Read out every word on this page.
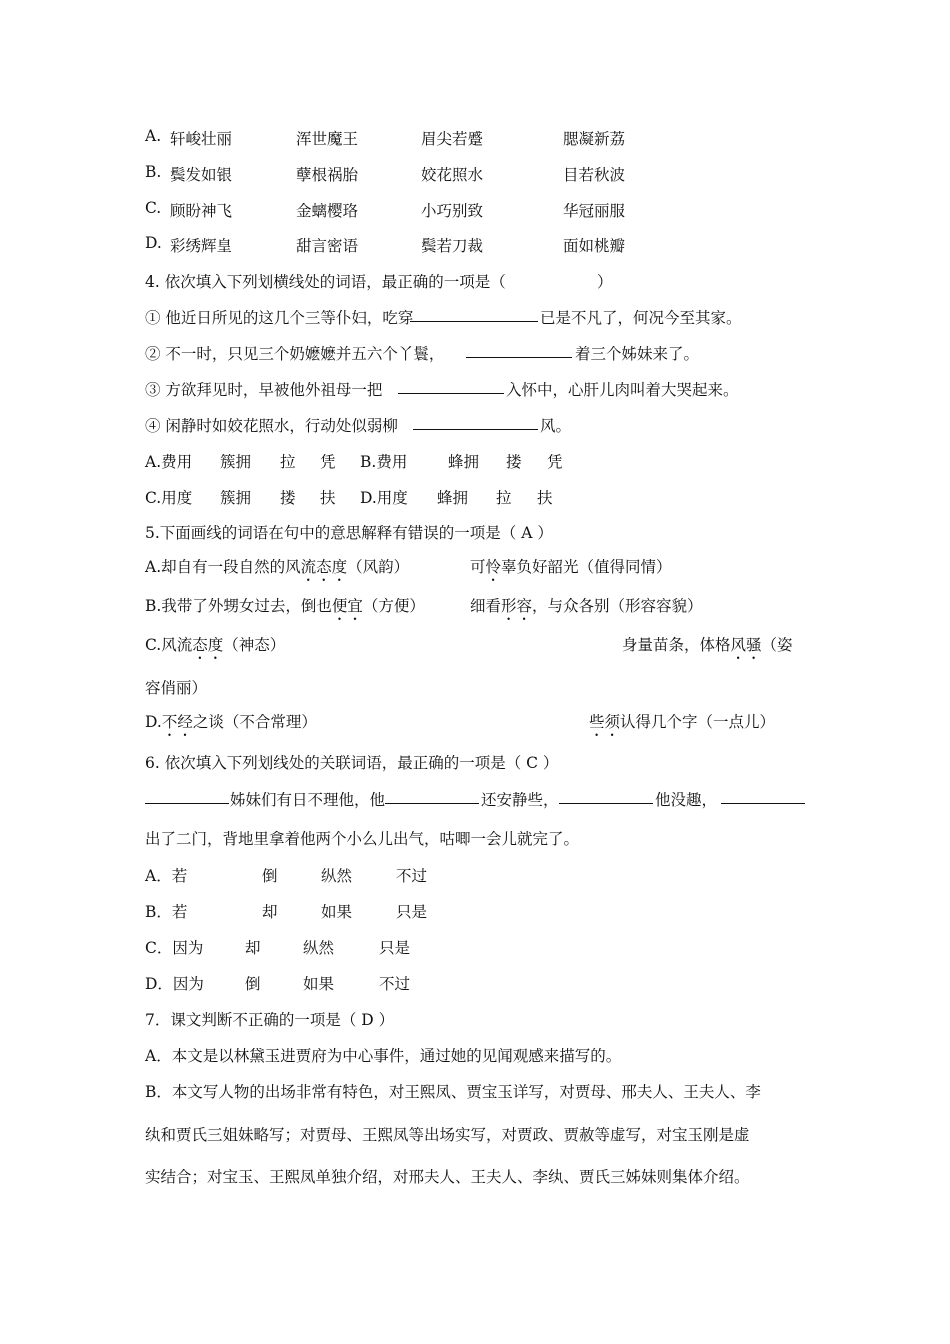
A. 轩峻壮丽	浑世魔王	眉尖若蹙	腮凝新荔
B. 鬓发如银	孽根祸胎	姣花照水	目若秋波
C. 顾盼神飞	金螭樱珞	小巧别致	华冠丽服
D. 彩绣辉皇	甜言密语	鬓若刀裁	面如桃瓣
4. 依次填入下列划横线处的词语，最正确的一项是（	）
① 他近日所见的这几个三等仆妇，吃穿	已是不凡了，何况今至其家。
② 不一时，只见三个奶嬷嬷并五六个丫鬟，	着三个姊妹来了。
③ 方欲拜见时，早被他外祖母一把	入怀中，心肝儿肉叫着大哭起来。
④ 闲静时如姣花照水，行动处似弱柳	风。
A.费用 簇拥 拉 凭 B.费用	蜂拥 搂 凭
C.用度 簇拥 搂 扶 D.用度 蜂拥 拉 扶
5.下面画线的词语在句中的意思解释有错误的一项是（ A ）
A.却自有一段自然的风流态度（风韵）	可怜辜负好韶光（值得同情）
B.我带了外甥女过去，倒也便宜（方便）	细看形容，与众各别（形容容貌）
C.风流态度（神态）	身量苗条，体格风骚（姿
容俏丽）
D.不经之谈（不合常理）	些须认得几个字（一点儿）
6. 依次填入下列划线处的关联词语，最正确的一项是（ C ）
姊妹们有日不理他，他	还安静些，	他没趣，
出了二门，背地里拿着他两个小么儿出气，咕唧一会儿就完了。
A．若	倒	纵然	不过
B．若	却	如果	只是
C．因为	却	纵然	只是
D．因为	倒	如果	不过
7．课文判断不正确的一项是（ D ）
A．本文是以林黛玉进贾府为中心事件，通过她的见闻观感来描写的。
B．本文写人物的出场非常有特色，对王熙凤、贾宝玉详写，对贾母、邢夫人、王夫人、李
纨和贾氏三姐妹略写；对贾母、王熙凤等出场实写，对贾政、贾赦等虚写，对宝玉刚是虚
实结合；对宝玉、王熙凤单独介绍，对邢夫人、王夫人、李纨、贾氏三姊妹则集体介绍。
